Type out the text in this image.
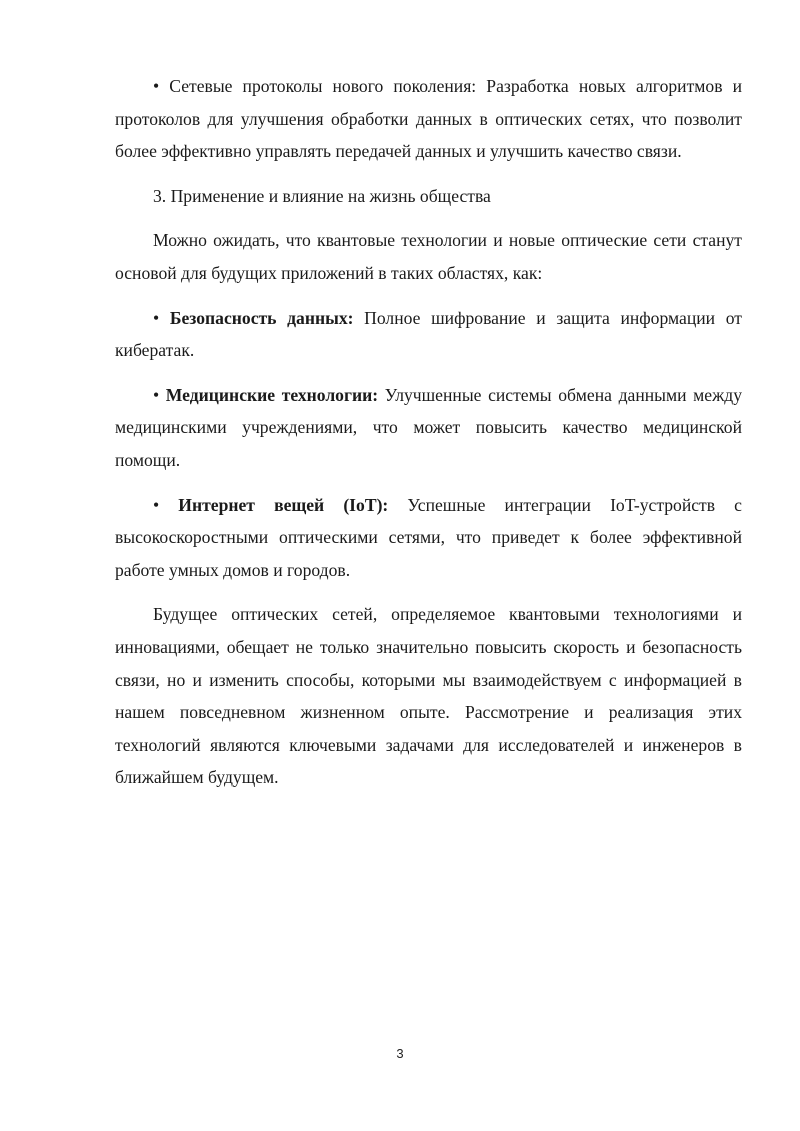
• Сетевые протоколы нового поколения: Разработка новых алгоритмов и протоколов для улучшения обработки данных в оптических сетях, что позволит более эффективно управлять передачей данных и улучшить качество связи.

3. Применение и влияние на жизнь общества

Можно ожидать, что квантовые технологии и новые оптические сети станут основой для будущих приложений в таких областях, как:

• Безопасность данных: Полное шифрование и защита информации от кибератак.

• Медицинские технологии: Улучшенные системы обмена данными между медицинскими учреждениями, что может повысить качество медицинской помощи.

• Интернет вещей (IoT): Успешные интеграции IoT-устройств с высокоскоростными оптическими сетями, что приведет к более эффективной работе умных домов и городов.

Будущее оптических сетей, определяемое квантовыми технологиями и инновациями, обещает не только значительно повысить скорость и безопасность связи, но и изменить способы, которыми мы взаимодействуем с информацией в нашем повседневном жизненном опыте. Рассмотрение и реализация этих технологий являются ключевыми задачами для исследователей и инженеров в ближайшем будущем.

3
